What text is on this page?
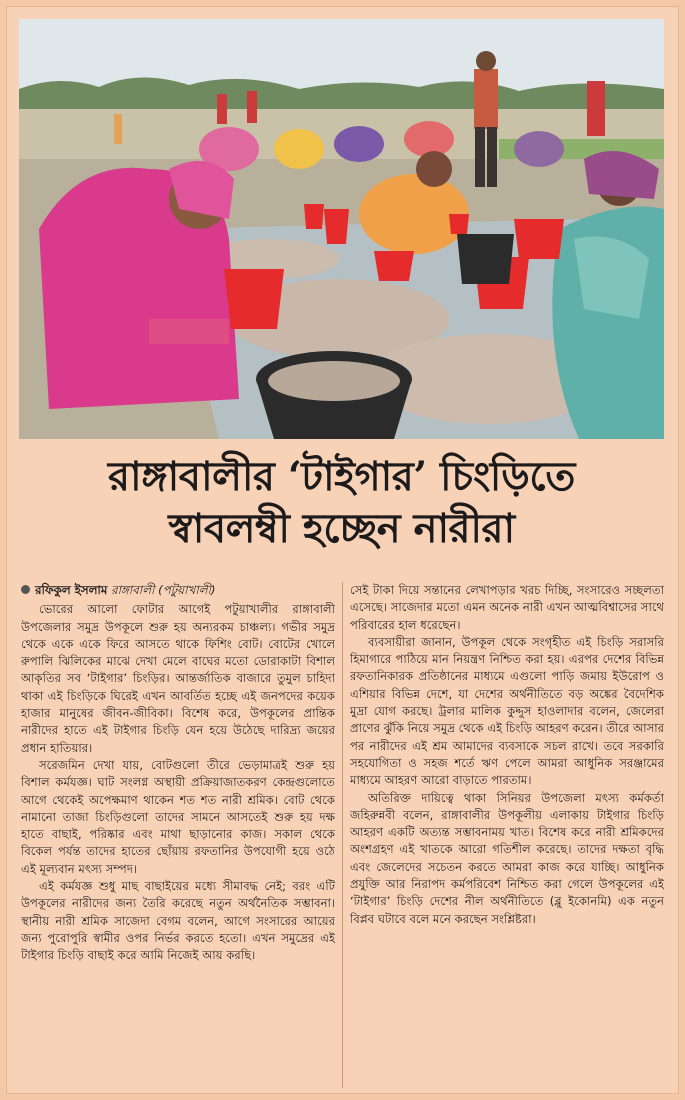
রাঙ্গাবালীর ‘টাইগার’ চিংড়িতে
স্বাবলম্বী হচ্ছেন নারীরা

রফিকুল ইসলাম রাঙ্গাবালী (পটুয়াখালী)

ভোরের আলো ফোটার আগেই পটুয়াখালীর রাঙ্গাবালী উপজেলার সমুদ্র উপকূলে শুরু হয় অন্যরকম চাঞ্চল্য। গভীর সমুদ্র থেকে একে একে ফিরে আসতে থাকে ফিশিং বোট। বোটের খোলে রুপালি ঝিলিকের মাঝে দেখা মেলে বাঘের মতো ডোরাকাটা বিশাল আকৃতির সব ‘টাইগার’ চিংড়ির। আন্তর্জাতিক বাজারে তুমুল চাহিদা থাকা এই চিংড়িকে ঘিরেই এখন আবর্তিত হচ্ছে এই জনপদের কয়েক হাজার মানুষের জীবন-জীবিকা। বিশেষ করে, উপকূলের প্রান্তিক নারীদের হাতে এই টাইগার চিংড়ি যেন হয়ে উঠেছে দারিদ্র্য জয়ের প্রধান হাতিয়ার।

সরেজমিন দেখা যায়, বোটগুলো তীরে ভেড়ামাত্রই শুরু হয় বিশাল কর্মযজ্ঞ। ঘাট সংলগ্ন অস্থায়ী প্রক্রিয়াজাতকরণ কেন্দ্রগুলোতে আগে থেকেই অপেক্ষমাণ থাকেন শত শত নারী শ্রমিক। বোট থেকে নামানো তাজা চিংড়িগুলো তাদের সামনে আসতেই শুরু হয় দক্ষ হাতে বাছাই, পরিষ্কার এবং মাথা ছাড়ানোর কাজ। সকাল থেকে বিকেল পর্যন্ত তাদের হাতের ছোঁয়ায় রফতানির উপযোগী হয়ে ওঠে এই মূল্যবান মৎস্য সম্পদ।

এই কর্মযজ্ঞ শুধু মাছ বাছাইয়ের মধ্যে সীমাবদ্ধ নেই; বরং এটি উপকূলের নারীদের জন্য তৈরি করেছে নতুন অর্থনৈতিক সম্ভাবনা। স্থানীয় নারী শ্রমিক সাজেদা বেগম বলেন, আগে সংসারের আয়ের জন্য পুরোপুরি স্বামীর ওপর নির্ভর করতে হতো। এখন সমুদ্রের এই টাইগার চিংড়ি বাছাই করে আমি নিজেই আয় করছি।

সেই টাকা দিয়ে সন্তানের লেখাপড়ার খরচ দিচ্ছি, সংসারেও সচ্ছলতা এসেছে। সাজেদার মতো এমন অনেক নারী এখন আত্মবিশ্বাসের সাথে পরিবারের হাল ধরেছেন।

ব্যবসায়ীরা জানান, উপকূল থেকে সংগৃহীত এই চিংড়ি সরাসরি হিমাগারে পাঠিয়ে মান নিয়ন্ত্রণ নিশ্চিত করা হয়। এরপর দেশের বিভিন্ন রফতানিকারক প্রতিষ্ঠানের মাধ্যমে এগুলো পাড়ি জমায় ইউরোপ ও এশিয়ার বিভিন্ন দেশে, যা দেশের অর্থনীতিতে বড় অঙ্কের বৈদেশিক মুদ্রা যোগ করছে। ট্রলার মালিক কুদ্দুস হাওলাদার বলেন, জেলেরা প্রাণের ঝুঁকি নিয়ে সমুদ্র থেকে এই চিংড়ি আহরণ করেন। তীরে আসার পর নারীদের এই শ্রম আমাদের ব্যবসাকে সচল রাখে। তবে সরকারি সহযোগিতা ও সহজ শর্তে ঋণ পেলে আমরা আধুনিক সরঞ্জামের মাধ্যমে আহরণ আরো বাড়াতে পারতাম।

অতিরিক্ত দায়িত্বে থাকা সিনিয়র উপজেলা মৎস্য কর্মকর্তা জহিরুন্নবী বলেন, রাঙ্গাবালীর উপকূলীয় এলাকায় টাইগার চিংড়ি আহরণ একটি অত্যন্ত সম্ভাবনাময় খাত। বিশেষ করে নারী শ্রমিকদের অংশগ্রহণ এই খাতকে আরো গতিশীল করেছে। তাদের দক্ষতা বৃদ্ধি এবং জেলেদের সচেতন করতে আমরা কাজ করে যাচ্ছি। আধুনিক প্রযুক্তি আর নিরাপদ কর্মপরিবেশ নিশ্চিত করা গেলে উপকূলের এই ‘টাইগার’ চিংড়ি দেশের নীল অর্থনীতিতে (ব্লু ইকোনমি) এক নতুন বিপ্লব ঘটাবে বলে মনে করছেন সংশ্লিষ্টরা।
